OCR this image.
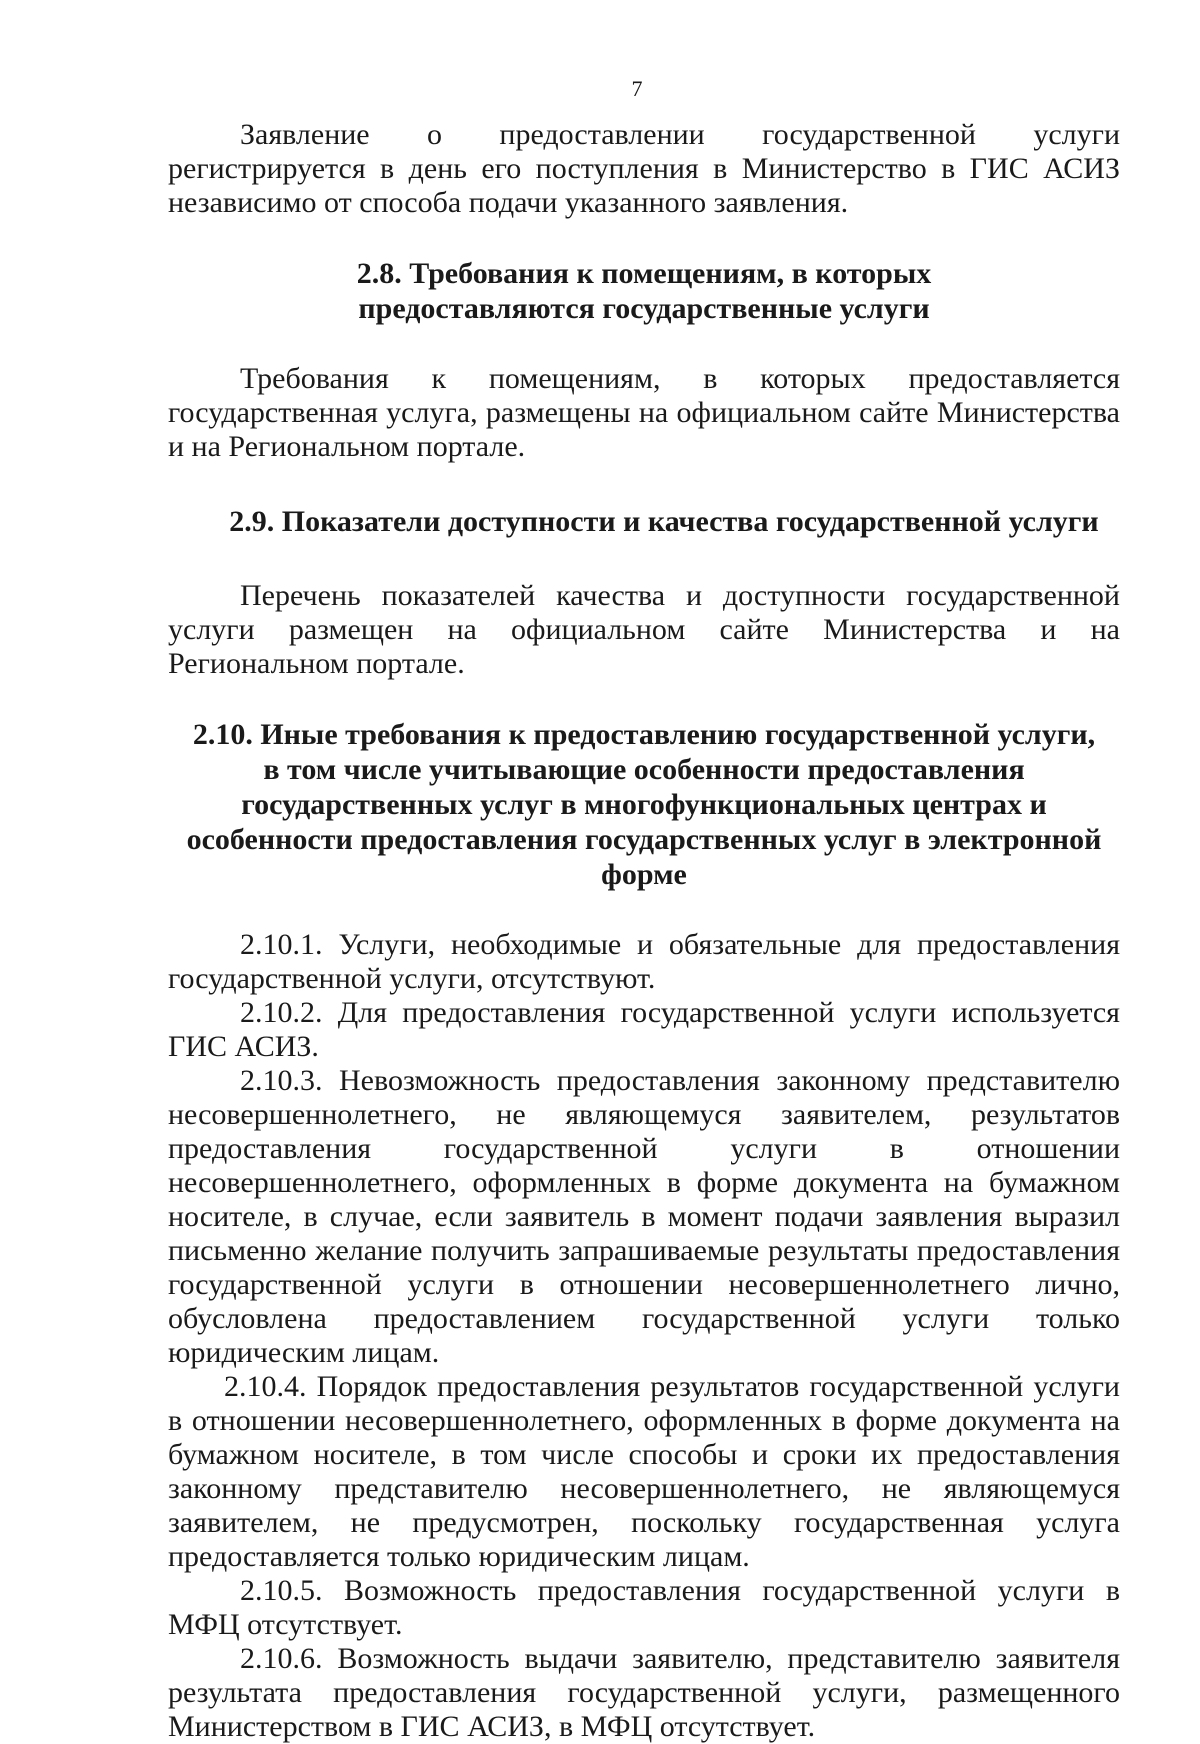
7

Заявление о предоставлении государственной услуги регистрируется в день его поступления в Министерство в ГИС АСИЗ независимо от способа подачи указанного заявления.

2.8. Требования к помещениям, в которых предоставляются государственные услуги

Требования к помещениям, в которых предоставляется государственная услуга, размещены на официальном сайте Министерства и на Региональном портале.

2.9. Показатели доступности и качества государственной услуги

Перечень показателей качества и доступности государственной услуги размещен на официальном сайте Министерства и на Региональном портале.

2.10. Иные требования к предоставлению государственной услуги, в том числе учитывающие особенности предоставления государственных услуг в многофункциональных центрах и особенности предоставления государственных услуг в электронной форме

2.10.1. Услуги, необходимые и обязательные для предоставления государственной услуги, отсутствуют.

2.10.2. Для предоставления государственной услуги используется ГИС АСИЗ.

2.10.3. Невозможность предоставления законному представителю несовершеннолетнего, не являющемуся заявителем, результатов предоставления государственной услуги в отношении несовершеннолетнего, оформленных в форме документа на бумажном носителе, в случае, если заявитель в момент подачи заявления выразил письменно желание получить запрашиваемые результаты предоставления государственной услуги в отношении несовершеннолетнего лично, обусловлена предоставлением государственной услуги только юридическим лицам.

2.10.4. Порядок предоставления результатов государственной услуги в отношении несовершеннолетнего, оформленных в форме документа на бумажном носителе, в том числе способы и сроки их предоставления законному представителю несовершеннолетнего, не являющемуся заявителем, не предусмотрен, поскольку государственная услуга предоставляется только юридическим лицам.

2.10.5. Возможность предоставления государственной услуги в МФЦ отсутствует.

2.10.6. Возможность выдачи заявителю, представителю заявителя результата предоставления государственной услуги, размещенного Министерством в ГИС АСИЗ, в МФЦ отсутствует.
